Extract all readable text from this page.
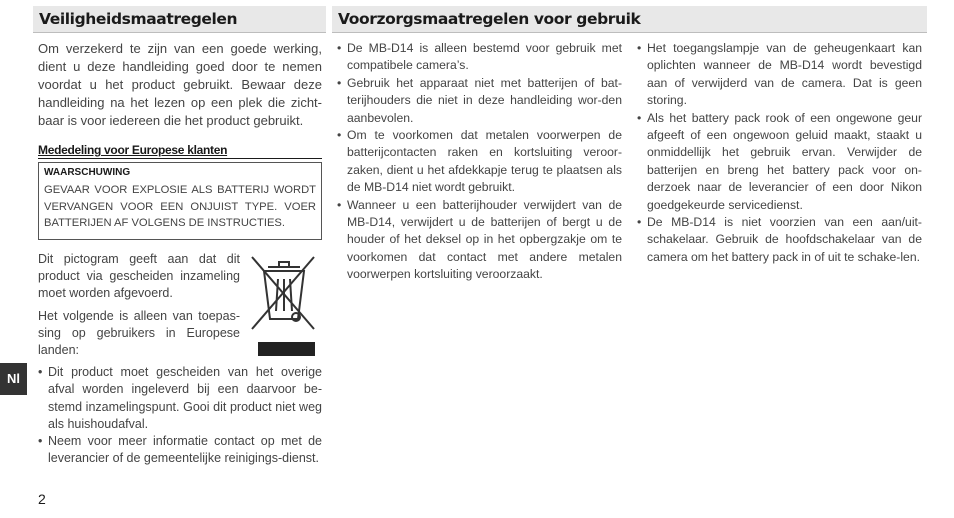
Veiligheidsmaatregelen	Voorzorgsmaatregelen voor gebruik
Om verzekerd te zijn van een goede werking, dient u deze handleiding goed door te nemen voordat u het product gebruikt. Bewaar deze handleiding na het lezen op een plek die zicht-baar is voor iedereen die het product gebruikt.
Mededeling voor Europese klanten
WAARSCHUWING
GEVAAR VOOR EXPLOSIE ALS BATTERIJ WORDT VERVANGEN VOOR EEN ONJUIST TYPE. VOER BATTERIJEN AF VOLGENS DE INSTRUCTIES.
Dit pictogram geeft aan dat dit product via gescheiden inzameling moet worden afgevoerd.
Het volgende is alleen van toepas-sing op gebruikers in Europese landen:
• Dit product moet gescheiden van het overige afval worden ingeleverd bij een daarvoor be-stemd inzamelingspunt. Gooi dit product niet weg als huishoudafval.
• Neem voor meer informatie contact op met de leverancier of de gemeentelijke reinigings-dienst.
• De MB-D14 is alleen bestemd voor gebruik met compatibele camera’s.
• Gebruik het apparaat niet met batterijen of bat-terijhouders die niet in deze handleiding wor-den aanbevolen.
• Om te voorkomen dat metalen voorwerpen de batterijcontacten raken en kortsluiting veroor-zaken, dient u het afdekkapje terug te plaatsen als de MB-D14 niet wordt gebruikt.
• Wanneer u een batterijhouder verwijdert van de MB-D14, verwijdert u de batterijen of bergt u de houder of het deksel op in het opbergzakje om te voorkomen dat contact met andere metalen voorwerpen kortsluiting veroorzaakt.
• Het toegangslampje van de geheugenkaart kan oplichten wanneer de MB-D14 wordt bevestigd aan of verwijderd van de camera. Dat is geen storing.
• Als het battery pack rook of een ongewone geur afgeeft of een ongewoon geluid maakt, staakt u onmiddellijk het gebruik ervan. Verwijder de batterijen en breng het battery pack voor on-derzoek naar de leverancier of een door Nikon goedgekeurde servicedienst.
• De MB-D14 is niet voorzien van een aan/uit-schakelaar. Gebruik de hoofdschakelaar van de camera om het battery pack in of uit te schake-len.
Nl
2
